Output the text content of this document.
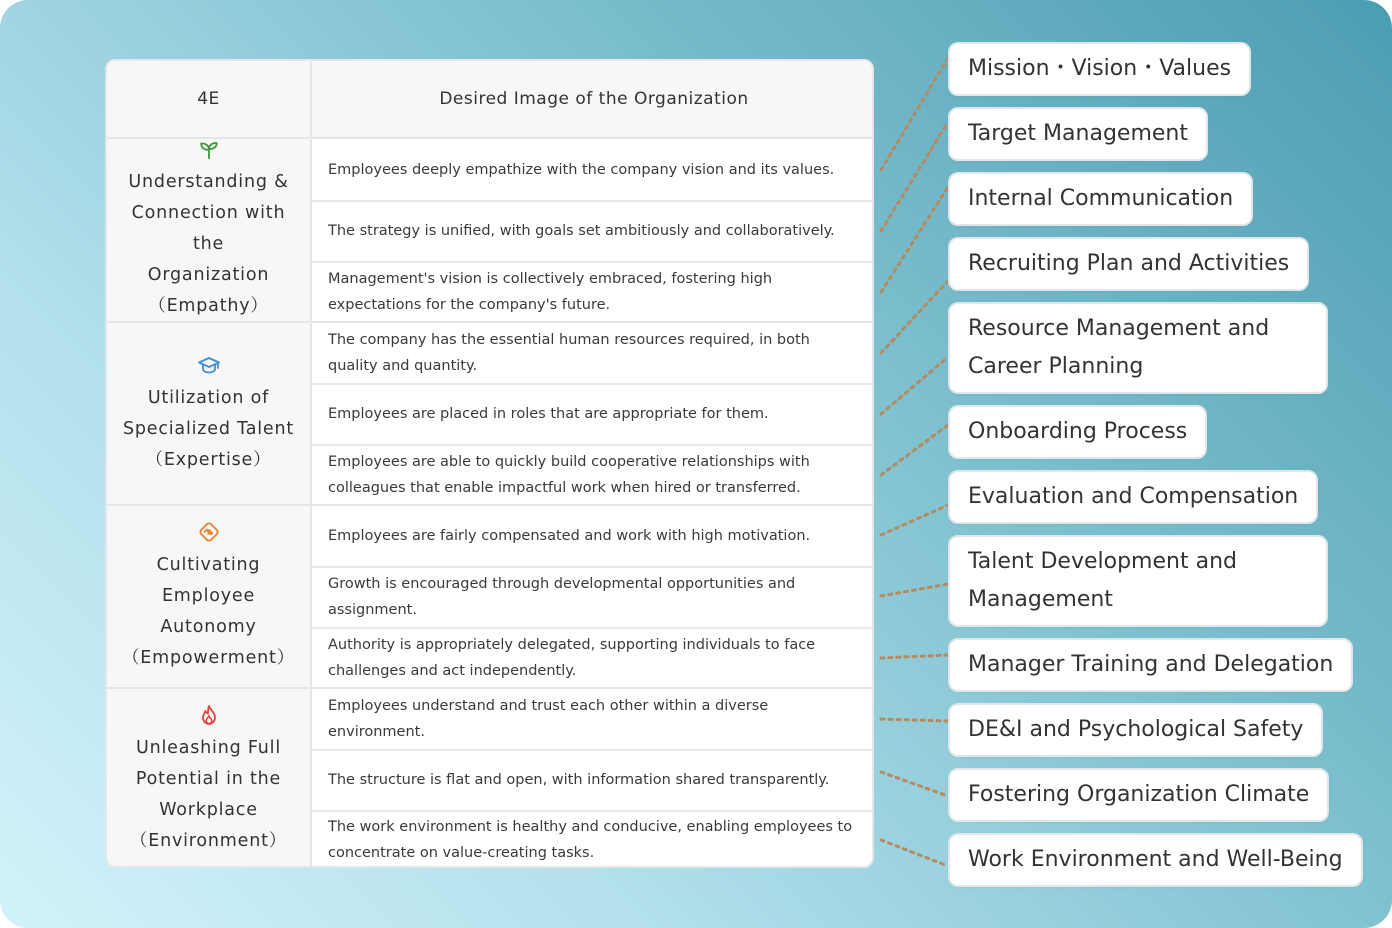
4E	Desired Image of the Organization
Understanding &
Connection with the
Organization
（Empathy）
Utilization of
Specialized Talent
（Expertise）
Cultivating
Employee Autonomy
（Empowerment）
Unleashing Full
Potential in the
Workplace
（Environment）
Employees deeply empathize with the company vision and its values.
The strategy is unified, with goals set ambitiously and collaboratively.
Management's vision is collectively embraced, fostering high expectations for the company's future.
The company has the essential human resources required, in both quality and quantity.
Employees are placed in roles that are appropriate for them.
Employees are able to quickly build cooperative relationships with colleagues that enable impactful work when hired or transferred.
Employees are fairly compensated and work with high motivation.
Growth is encouraged through developmental opportunities and assignment.
Authority is appropriately delegated, supporting individuals to face challenges and act independently.
Employees understand and trust each other within a diverse environment.
The structure is flat and open, with information shared transparently.
The work environment is healthy and conducive, enabling employees to concentrate on value-creating tasks.
Mission・Vision・Values
Target Management
Internal Communication
Recruiting Plan and Activities
Resource Management and Career Planning
Onboarding Process
Evaluation and Compensation
Talent Development and Management
Manager Training and Delegation
DE&I and Psychological Safety
Fostering Organization Climate
Work Environment and Well-Being
